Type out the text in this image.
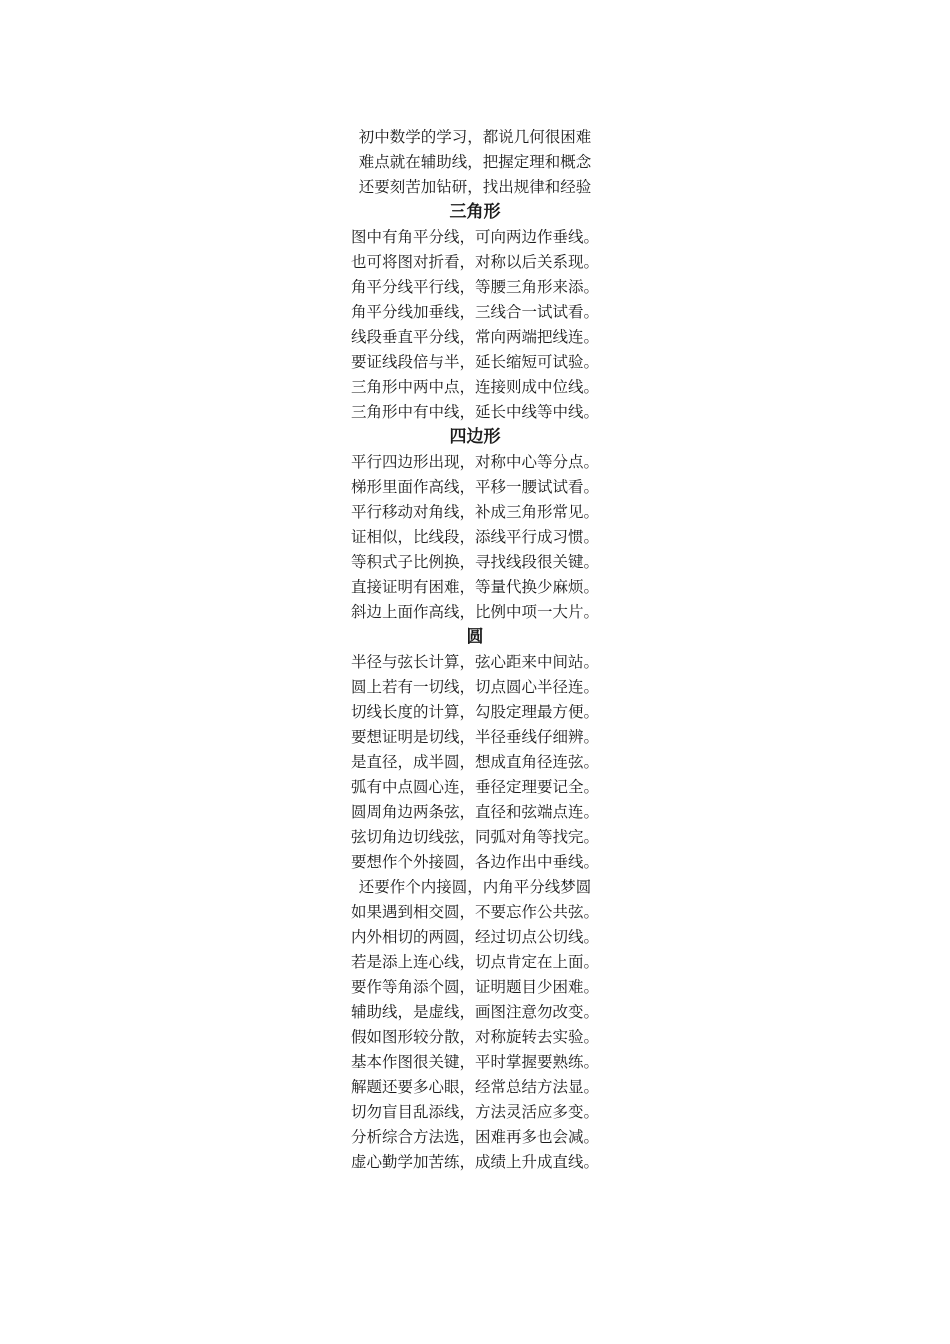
初中数学的学习，都说几何很困难
难点就在辅助线，把握定理和概念
还要刻苦加钻研，找出规律和经验
三角形
图中有角平分线，可向两边作垂线。
也可将图对折看，对称以后关系现。
角平分线平行线，等腰三角形来添。
角平分线加垂线，三线合一试试看。
线段垂直平分线，常向两端把线连。
要证线段倍与半，延长缩短可试验。
三角形中两中点，连接则成中位线。
三角形中有中线，延长中线等中线。
四边形
平行四边形出现，对称中心等分点。
梯形里面作高线，平移一腰试试看。
平行移动对角线，补成三角形常见。
证相似，比线段，添线平行成习惯。
等积式子比例换，寻找线段很关键。
直接证明有困难，等量代换少麻烦。
斜边上面作高线，比例中项一大片。
圆
半径与弦长计算，弦心距来中间站。
圆上若有一切线，切点圆心半径连。
切线长度的计算，勾股定理最方便。
要想证明是切线，半径垂线仔细辨。
是直径，成半圆，想成直角径连弦。
弧有中点圆心连，垂径定理要记全。
圆周角边两条弦，直径和弦端点连。
弦切角边切线弦，同弧对角等找完。
要想作个外接圆，各边作出中垂线。
还要作个内接圆，内角平分线梦圆
如果遇到相交圆，不要忘作公共弦。
内外相切的两圆，经过切点公切线。
若是添上连心线，切点肯定在上面。
要作等角添个圆，证明题目少困难。
辅助线，是虚线，画图注意勿改变。
假如图形较分散，对称旋转去实验。
基本作图很关键，平时掌握要熟练。
解题还要多心眼，经常总结方法显。
切勿盲目乱添线，方法灵活应多变。
分析综合方法选，困难再多也会减。
虚心勤学加苦练，成绩上升成直线。
